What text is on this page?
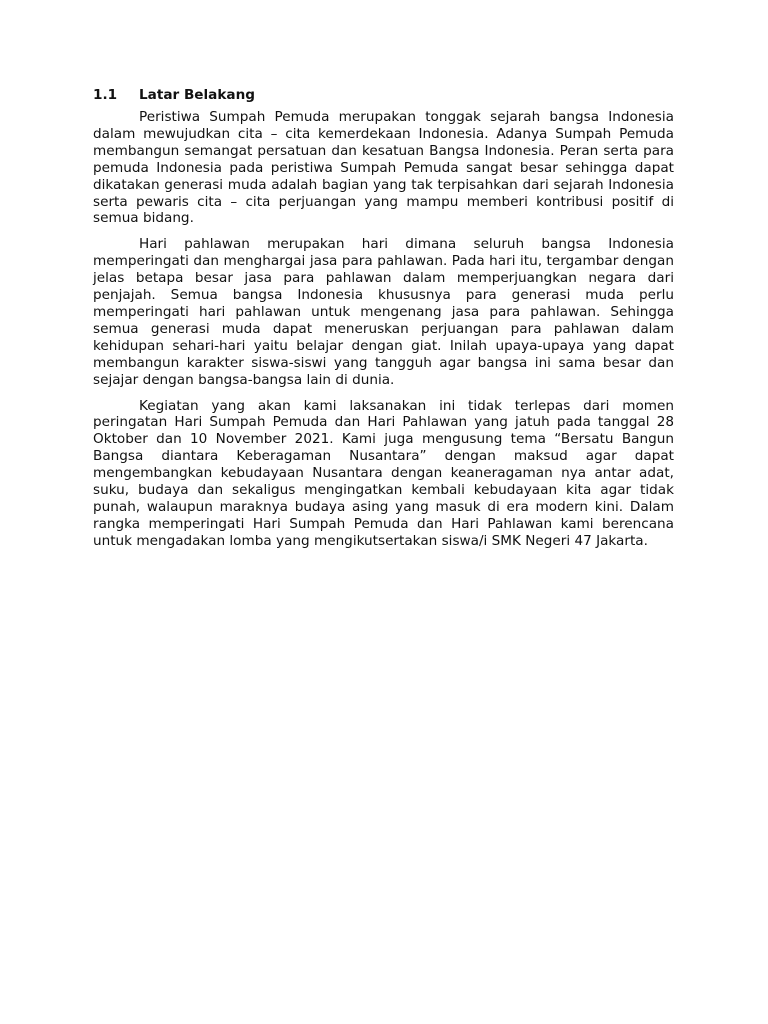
1.1	Latar Belakang

Peristiwa Sumpah Pemuda merupakan tonggak sejarah bangsa Indonesia dalam mewujudkan cita – cita kemerdekaan Indonesia. Adanya Sumpah Pemuda membangun semangat persatuan dan kesatuan Bangsa Indonesia. Peran serta para pemuda Indonesia pada peristiwa Sumpah Pemuda sangat besar sehingga dapat dikatakan generasi muda adalah bagian yang tak terpisahkan dari sejarah Indonesia serta pewaris cita – cita perjuangan yang mampu memberi kontribusi positif di semua bidang.

Hari pahlawan merupakan hari dimana seluruh bangsa Indonesia memperingati dan menghargai jasa para pahlawan. Pada hari itu, tergambar dengan jelas betapa besar jasa para pahlawan dalam memperjuangkan negara dari penjajah. Semua bangsa Indonesia khususnya para generasi muda perlu memperingati hari pahlawan untuk mengenang jasa para pahlawan. Sehingga semua generasi muda dapat meneruskan perjuangan para pahlawan dalam kehidupan sehari-hari yaitu belajar dengan giat. Inilah upaya-upaya yang dapat membangun karakter siswa-siswi yang tangguh agar bangsa ini sama besar dan sejajar dengan bangsa-bangsa lain di dunia.

Kegiatan yang akan kami laksanakan ini tidak terlepas dari momen peringatan Hari Sumpah Pemuda dan Hari Pahlawan yang jatuh pada tanggal 28 Oktober dan 10 November 2021. Kami juga mengusung tema “Bersatu Bangun Bangsa diantara Keberagaman Nusantara” dengan maksud agar dapat mengembangkan kebudayaan Nusantara dengan keaneragaman nya antar adat, suku, budaya dan sekaligus mengingatkan kembali kebudayaan kita agar tidak punah, walaupun maraknya budaya asing yang masuk di era modern kini. Dalam rangka memperingati Hari Sumpah Pemuda dan Hari Pahlawan kami berencana untuk mengadakan lomba yang mengikutsertakan siswa/i SMK Negeri 47 Jakarta.
